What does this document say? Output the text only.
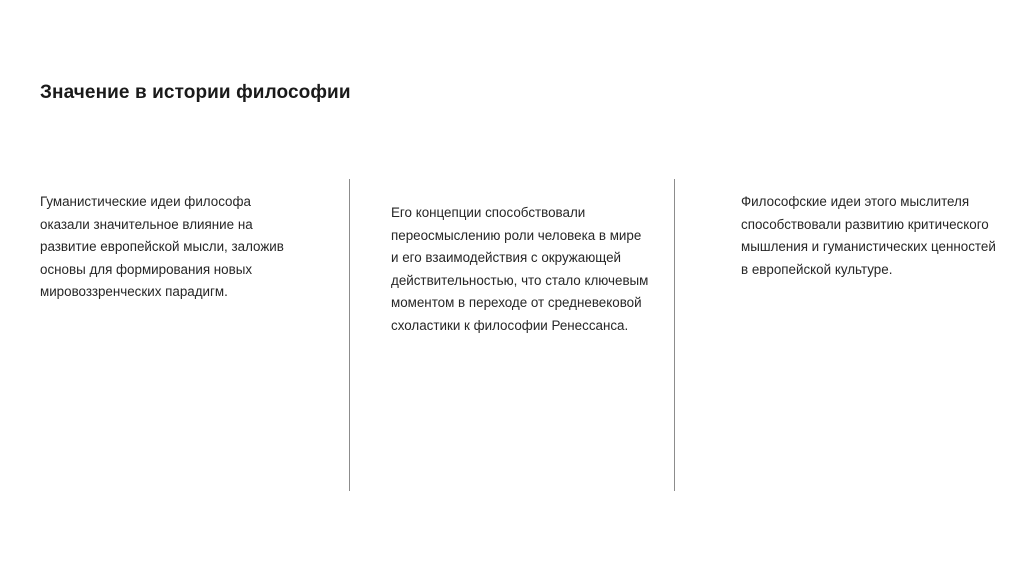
Значение в истории философии
Гуманистические идеи философа
оказали значительное влияние на
развитие европейской мысли, заложив
основы для формирования новых
мировоззренческих парадигм.
Его концепции способствовали
переосмыслению роли человека в мире
и его взаимодействия с окружающей
действительностью, что стало ключевым
моментом в переходе от средневековой
схоластики к философии Ренессанса.
Философские идеи этого мыслителя
способствовали развитию критического
мышления и гуманистических ценностей
в европейской культуре.
